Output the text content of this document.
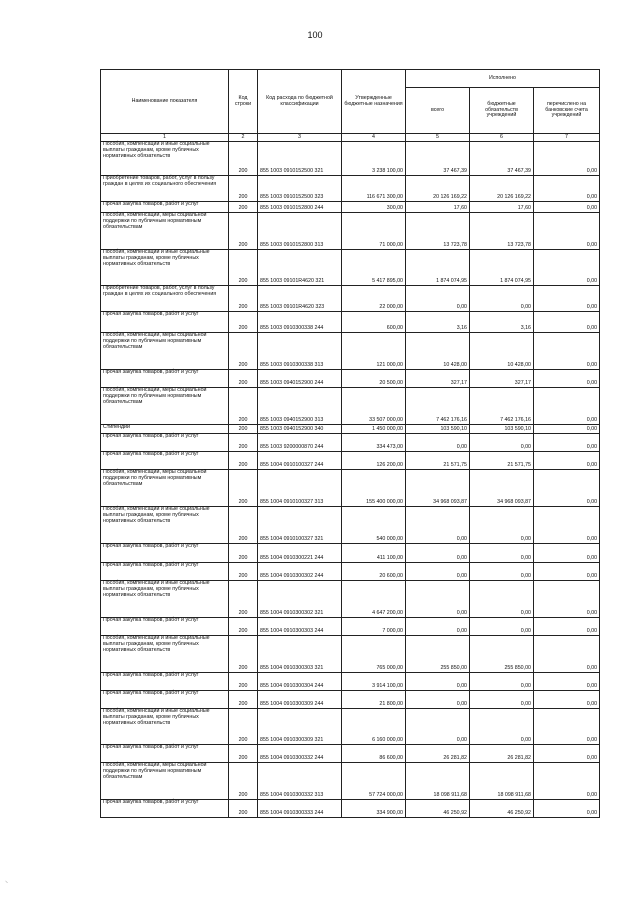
100
Наименование показателя	Код строки	Код расхода по бюджетной классификации	Утвержденные бюджетные назначения	Исполнено		
				всего	бюджетные обязательств учреждений	перечислено на банковские счета учреждений
1	2	3	4	5	6	7
Пособия, компенсации и иные социальные выплаты гражданам, кроме публичных нормативных обязательств	200	855 1003 0910152500 321	3 238 100,00	37 467,39	37 467,39	0,00
Приобретение товаров, работ, услуг в пользу граждан в целях их социального обеспечения	200	855 1003 0910152500 323	116 671 300,00	20 126 169,22	20 126 169,22	0,00
Прочая закупка товаров, работ и услуг	200	855 1003 0910152800 244	300,00	17,60	17,60	0,00
Пособия, компенсации, меры социальной поддержки по публичным нормативным обязательствам	200	855 1003 0910152800 313	71 000,00	13 723,78	13 723,78	0,00
Пособия, компенсации и иные социальные выплаты гражданам, кроме публичных нормативных обязательств	200	855 1003 09101R4620 321	5 417 895,00	1 874 074,95	1 874 074,95	0,00
Приобретение товаров, работ, услуг в пользу граждан в целях их социального обеспечения	200	855 1003 09101R4620 323	22 000,00	0,00	0,00	0,00
Прочая закупка товаров, работ и услуг	200	855 1003 0910300338 244	600,00	3,16	3,16	0,00
Пособия, компенсации, меры социальной поддержки по публичным нормативным обязательствам	200	855 1003 0910300338 313	121 000,00	10 428,00	10 428,00	0,00
Прочая закупка товаров, работ и услуг	200	855 1003 0940152900 244	20 500,00	327,17	327,17	0,00
Пособия, компенсации, меры социальной поддержки по публичным нормативным обязательствам	200	855 1003 0940152900 313	33 507 000,00	7 462 176,16	7 462 176,16	0,00
Стипендии	200	855 1003 0940152900 340	1 450 000,00	103 590,10	103 590,10	0,00
Прочая закупка товаров, работ и услуг	200	855 1003 9200000870 244	334 473,00	0,00	0,00	0,00
Прочая закупка товаров, работ и услуг	200	855 1004 0910100327 244	126 200,00	21 571,75	21 571,75	0,00
Пособия, компенсации, меры социальной поддержки по публичным нормативным обязательствам	200	855 1004 0910100327 313	155 400 000,00	34 968 093,87	34 968 093,87	0,00
Пособия, компенсации и иные социальные выплаты гражданам, кроме публичных нормативных обязательств	200	855 1004 0910100327 321	540 000,00	0,00	0,00	0,00
Прочая закупка товаров, работ и услуг	200	855 1004 0910300221 244	411 100,00	0,00	0,00	0,00
Прочая закупка товаров, работ и услуг	200	855 1004 0910300302 244	20 600,00	0,00	0,00	0,00
Пособия, компенсации и иные социальные выплаты гражданам, кроме публичных нормативных обязательств	200	855 1004 0910300302 321	4 647 200,00	0,00	0,00	0,00
Прочая закупка товаров, работ и услуг	200	855 1004 0910300303 244	7 000,00	0,00	0,00	0,00
Пособия, компенсации и иные социальные выплаты гражданам, кроме публичных нормативных обязательств	200	855 1004 0910300303 321	765 000,00	255 850,00	255 850,00	0,00
Прочая закупка товаров, работ и услуг	200	855 1004 0910300304 244	3 914 100,00	0,00	0,00	0,00
Прочая закупка товаров, работ и услуг	200	855 1004 0910300309 244	21 800,00	0,00	0,00	0,00
Пособия, компенсации и иные социальные выплаты гражданам, кроме публичных нормативных обязательств	200	855 1004 0910300309 321	6 160 000,00	0,00	0,00	0,00
Прочая закупка товаров, работ и услуг	200	855 1004 0910300332 244	86 600,00	26 281,82	26 281,82	0,00
Пособия, компенсации, меры социальной поддержки по публичным нормативным обязательствам	200	855 1004 0910300332 313	57 724 000,00	18 098 911,68	18 098 911,68	0,00
Прочая закупка товаров, работ и услуг	200	855 1004 0910300333 244	334 900,00	46 250,92	46 250,92	0,00
⸌
